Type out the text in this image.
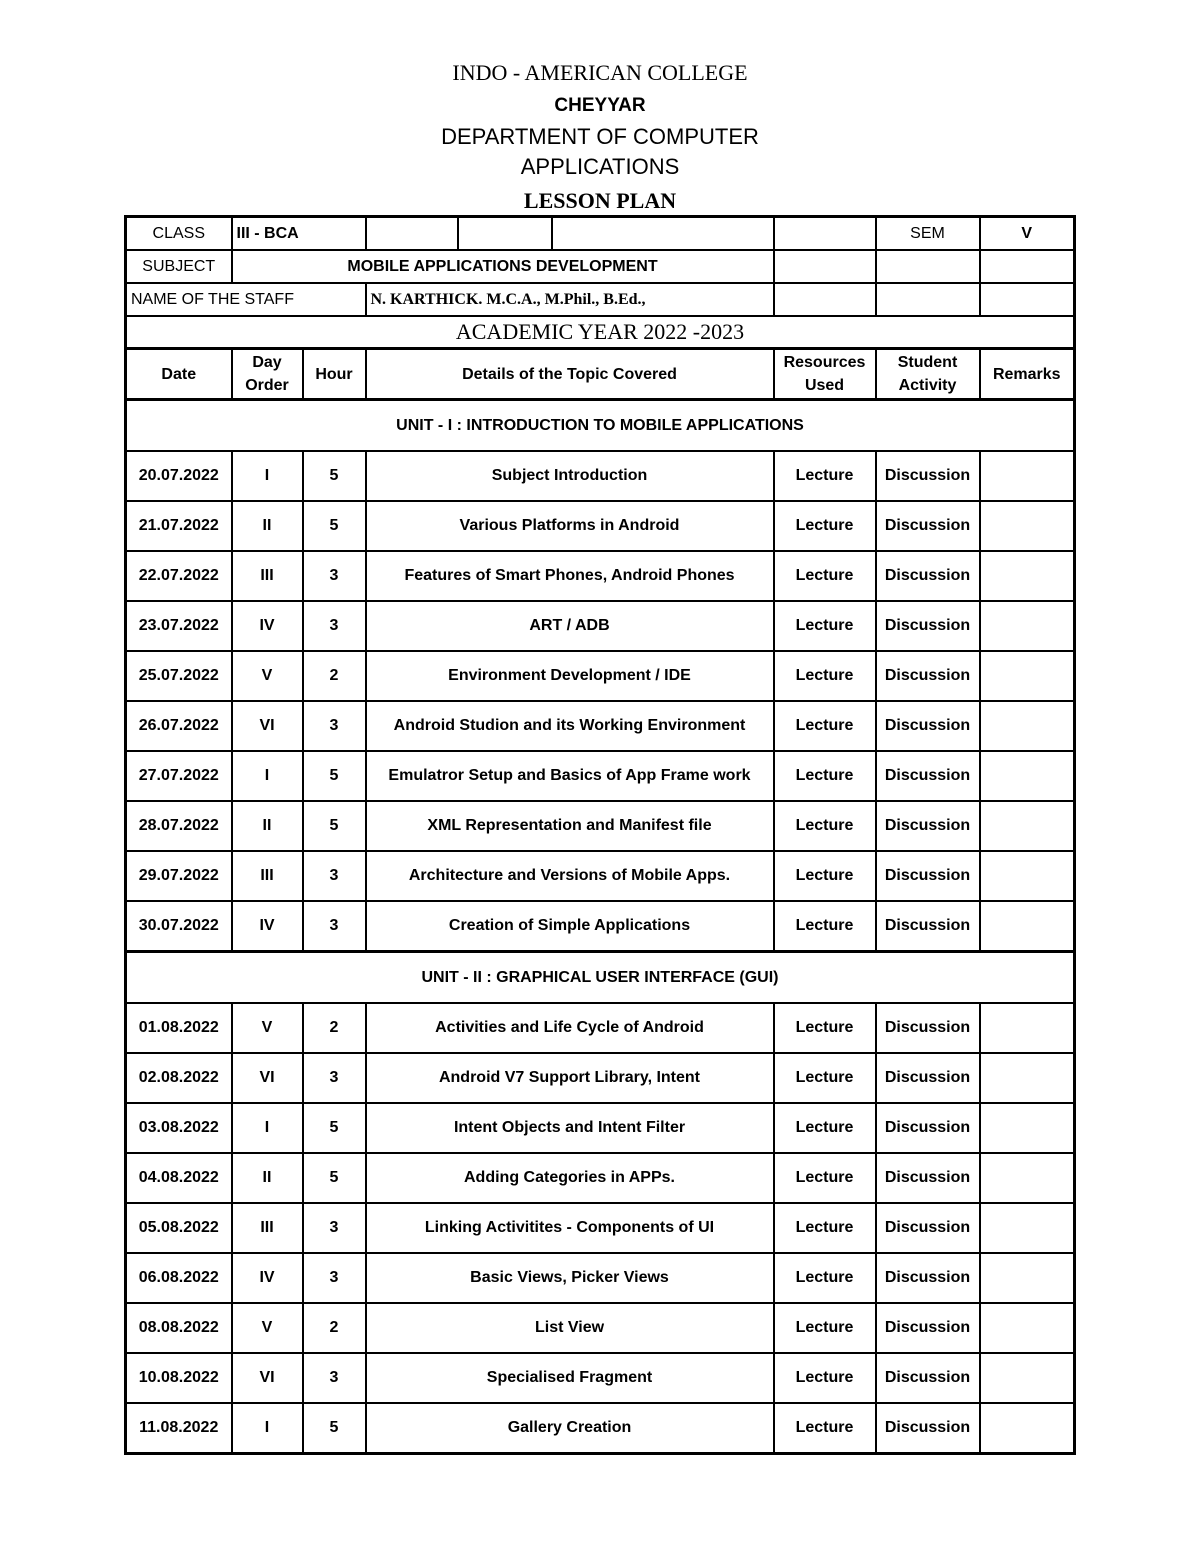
INDO - AMERICAN COLLEGE
CHEYYAR
DEPARTMENT OF COMPUTER
APPLICATIONS
LESSON PLAN
CLASS	III - BCA						SEM	V
SUBJECT	MOBILE APPLICATIONS DEVELOPMENT							
NAME OF THE STAFF			N. KARTHICK. M.C.A., M.Phil., B.Ed.,					
ACADEMIC YEAR 2022 -2023								
Date	Day Order	Hour	Details of the Topic Covered			Resources Used	Student Activity	Remarks
UNIT - I : INTRODUCTION TO MOBILE APPLICATIONS								
20.07.2022	I	5	Subject Introduction			Lecture	Discussion	
21.07.2022	II	5	Various Platforms in Android			Lecture	Discussion	
22.07.2022	III	3	Features of Smart Phones, Android Phones			Lecture	Discussion	
23.07.2022	IV	3	ART / ADB			Lecture	Discussion	
25.07.2022	V	2	Environment Development / IDE			Lecture	Discussion	
26.07.2022	VI	3	Android Studion and its Working Environment			Lecture	Discussion	
27.07.2022	I	5	Emulatror Setup and Basics of App Frame work			Lecture	Discussion	
28.07.2022	II	5	XML Representation and Manifest file			Lecture	Discussion	
29.07.2022	III	3	Architecture and Versions of Mobile Apps.			Lecture	Discussion	
30.07.2022	IV	3	Creation of Simple Applications			Lecture	Discussion	
UNIT - II : GRAPHICAL USER INTERFACE (GUI)								
01.08.2022	V	2	Activities and Life Cycle of Android			Lecture	Discussion	
02.08.2022	VI	3	Android V7 Support Library, Intent			Lecture	Discussion	
03.08.2022	I	5	Intent Objects and Intent Filter			Lecture	Discussion	
04.08.2022	II	5	Adding Categories in APPs.			Lecture	Discussion	
05.08.2022	III	3	Linking Activitites - Components of UI			Lecture	Discussion	
06.08.2022	IV	3	Basic Views, Picker Views			Lecture	Discussion	
08.08.2022	V	2	List View			Lecture	Discussion	
10.08.2022	VI	3	Specialised Fragment			Lecture	Discussion	
11.08.2022	I	5	Gallery Creation			Lecture	Discussion	
